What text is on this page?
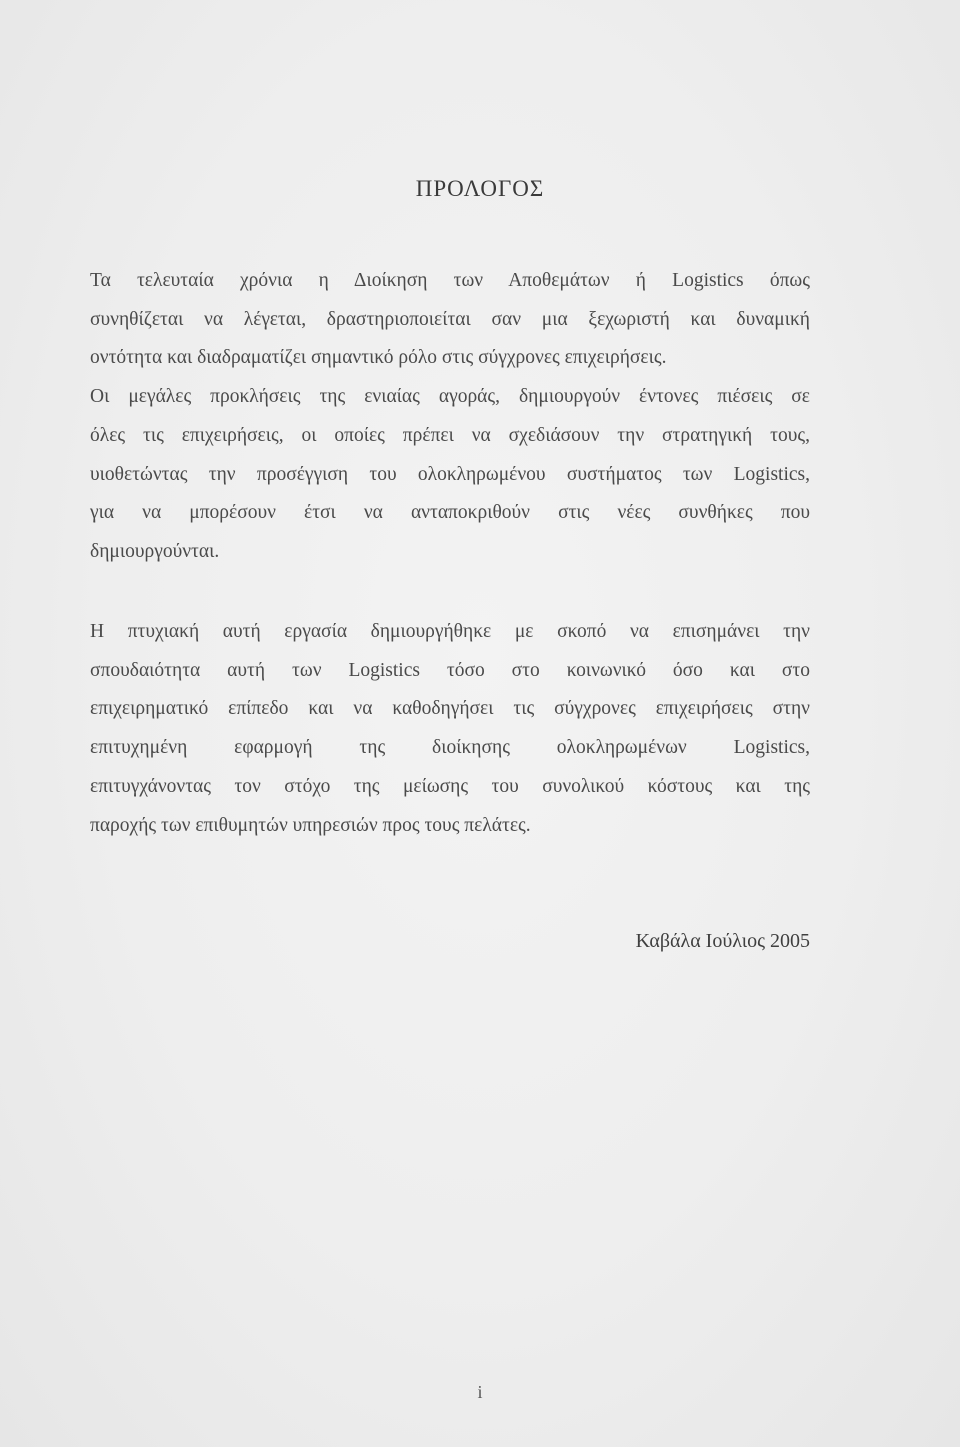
ΠΡΟΛΟΓΟΣ
Τα τελευταία χρόνια η Διοίκηση των Αποθεμάτων ή Logistics όπως
συνηθίζεται να λέγεται, δραστηριοποιείται σαν μια ξεχωριστή και δυναμική
οντότητα και διαδραματίζει σημαντικό ρόλο στις σύγχρονες επιχειρήσεις.
Οι μεγάλες προκλήσεις της ενιαίας αγοράς, δημιουργούν έντονες πιέσεις σε
όλες τις επιχειρήσεις, οι οποίες πρέπει να σχεδιάσουν την στρατηγική τους,
υιοθετώντας την προσέγγιση του ολοκληρωμένου συστήματος των Logistics,
για να μπορέσουν έτσι να ανταποκριθούν στις νέες συνθήκες που
δημιουργούνται.
Η πτυχιακή αυτή εργασία δημιουργήθηκε με σκοπό να επισημάνει την
σπουδαιότητα αυτή των Logistics τόσο στο κοινωνικό όσο και στο
επιχειρηματικό επίπεδο και να καθοδηγήσει τις σύγχρονες επιχειρήσεις στην
επιτυχημένη εφαρμογή της διοίκησης ολοκληρωμένων Logistics,
επιτυγχάνοντας τον στόχο της μείωσης του συνολικού κόστους και της
παροχής των επιθυμητών υπηρεσιών προς τους πελάτες.
Καβάλα Ιούλιος 2005
i
